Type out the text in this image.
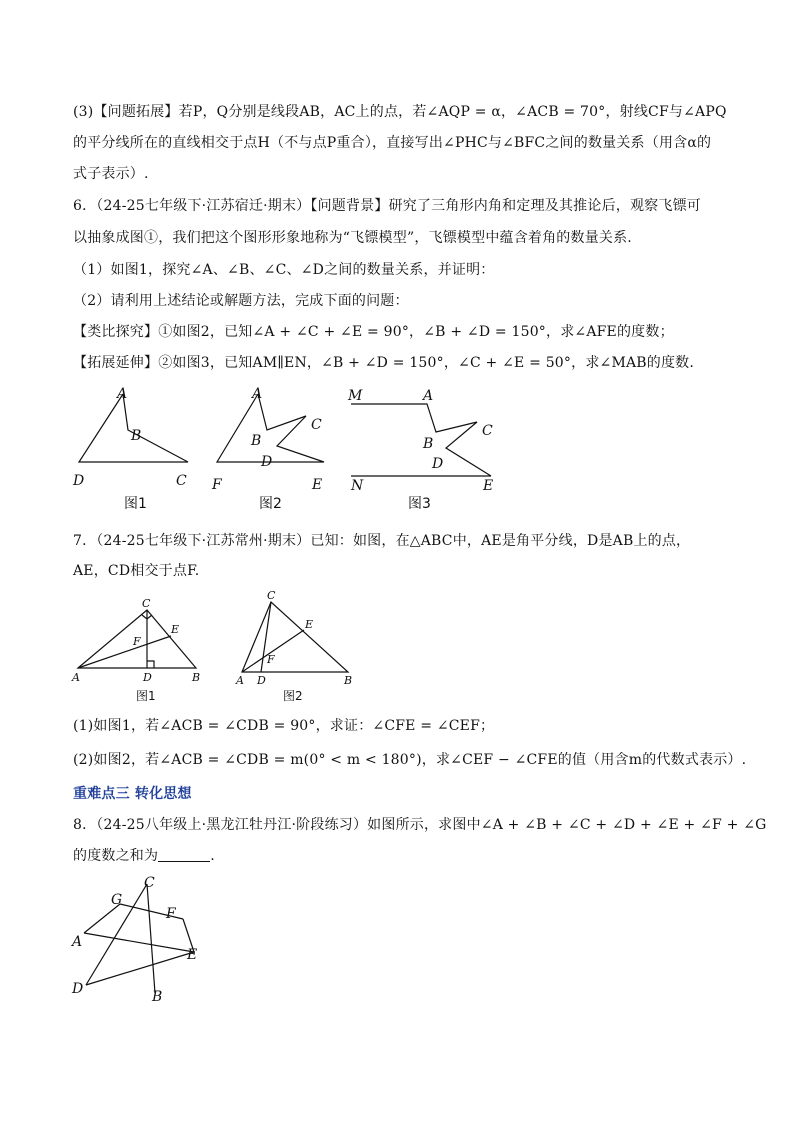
(3)【问题拓展】若P，Q分别是线段AB，AC上的点，若∠AQP = α，∠ACB = 70°，射线CF与∠APQ
的平分线所在的直线相交于点H（不与点P重合），直接写出∠PHC与∠BFC之间的数量关系（用含α的
式子表示）.
6．（24-25七年级下·江苏宿迁·期末）【问题背景】研究了三角形内角和定理及其推论后，观察飞镖可
以抽象成图①，我们把这个图形形象地称为“飞镖模型”，飞镖模型中蕴含着角的数量关系.
（1）如图1，探究∠A、∠B、∠C、∠D之间的数量关系，并证明：
（2）请利用上述结论或解题方法，完成下面的问题：
【类比探究】①如图2，已知∠A + ∠C + ∠E = 90°，∠B + ∠D = 150°，求∠AFE的度数；
【拓展延伸】②如图3，已知AM∥EN，∠B + ∠D = 150°，∠C + ∠E = 50°，求∠MAB的度数.
A
B
C
D
图1
A
B
C
D
E
F
图2
M	A
B
C
D
N	E
图3
7．（24-25七年级下·江苏常州·期末）已知：如图，在△ABC中，AE是角平分线，D是AB上的点，
AE，CD相交于点F.
C
E
F
A	D	B
图1
C
E
F
A D	B
图2
(1)如图1，若∠ACB = ∠CDB = 90°，求证：∠CFE = ∠CEF；
(2)如图2，若∠ACB = ∠CDB = m(0° < m < 180°)，求∠CEF − ∠CFE的值（用含m的代数式表示）.
重难点三 转化思想
8．（24-25八年级上·黑龙江牡丹江·阶段练习）如图所示，求图中∠A + ∠B + ∠C + ∠D + ∠E + ∠F + ∠G
的度数之和为	.
C
G
F
A
E
D	B
